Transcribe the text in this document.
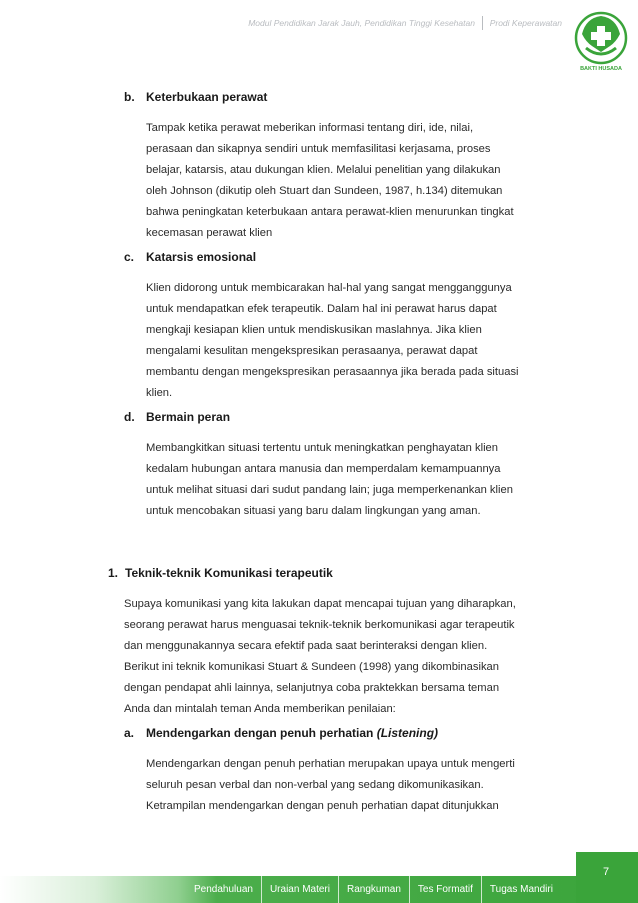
Modul Pendidikan Jarak Jauh, Pendidikan Tinggi Kesehatan Prodi Keperawatan
BAKTI HUSADA
b. Keterbukaan perawat
Tampak ketika perawat meberikan informasi tentang diri, ide, nilai,
perasaan dan sikapnya sendiri untuk memfasilitasi kerjasama, proses
belajar, katarsis, atau dukungan klien. Melalui penelitian yang dilakukan
oleh Johnson (dikutip oleh Stuart dan Sundeen, 1987, h.134) ditemukan
bahwa peningkatan keterbukaan antara perawat-klien menurunkan tingkat
kecemasan perawat klien
c. Katarsis emosional
Klien didorong untuk membicarakan hal-hal yang sangat mengganggunya
untuk mendapatkan efek terapeutik. Dalam hal ini perawat harus dapat
mengkaji kesiapan klien untuk mendiskusikan maslahnya. Jika klien
mengalami kesulitan mengekspresikan perasaanya, perawat dapat
membantu dengan mengekspresikan perasaannya jika berada pada situasi
klien.
d. Bermain peran
Membangkitkan situasi tertentu untuk meningkatkan penghayatan klien
kedalam hubungan antara manusia dan memperdalam kemampuannya
untuk melihat situasi dari sudut pandang lain; juga memperkenankan klien
untuk mencobakan situasi yang baru dalam lingkungan yang aman.
1. Teknik-teknik Komunikasi terapeutik
Supaya komunikasi yang kita lakukan dapat mencapai tujuan yang diharapkan,
seorang perawat harus menguasai teknik-teknik berkomunikasi agar terapeutik
dan menggunakannya secara efektif pada saat berinteraksi dengan klien.
Berikut ini teknik komunikasi Stuart & Sundeen (1998) yang dikombinasikan
dengan pendapat ahli lainnya, selanjutnya coba praktekkan bersama teman
Anda dan mintalah teman Anda memberikan penilaian:
a. Mendengarkan dengan penuh perhatian (Listening)
Mendengarkan dengan penuh perhatian merupakan upaya untuk mengerti
seluruh pesan verbal dan non-verbal yang sedang dikomunikasikan.
Ketrampilan mendengarkan dengan penuh perhatian dapat ditunjukkan
7
Pendahuluan	Uraian Materi	Rangkuman	Tes Formatif	Tugas Mandiri
